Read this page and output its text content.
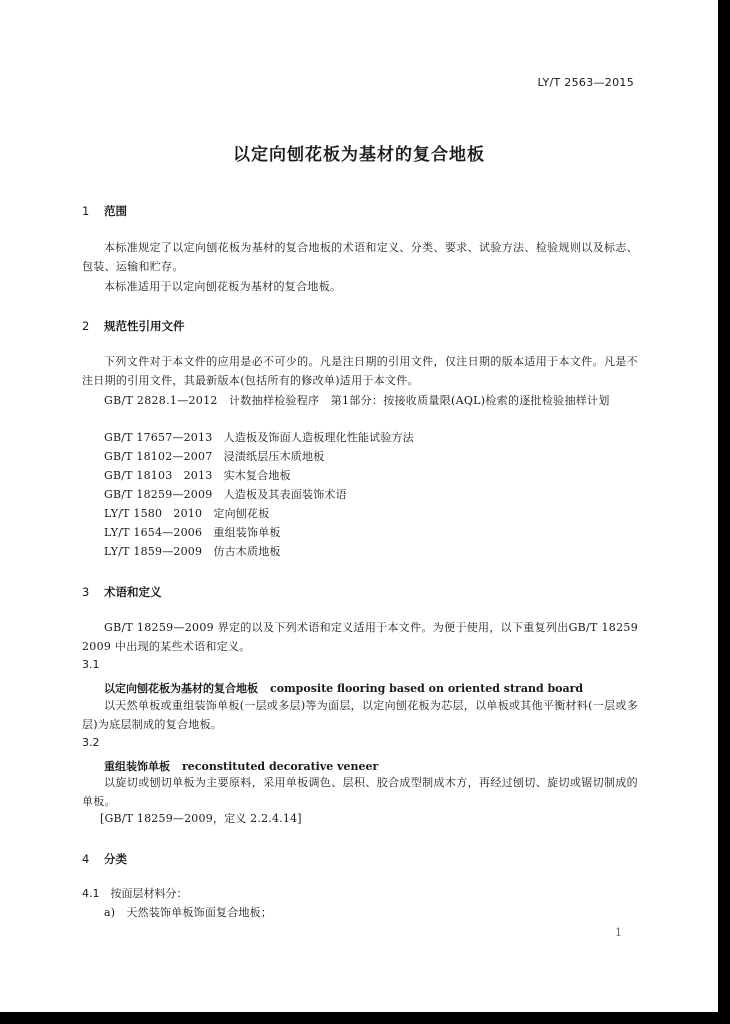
LY/T 2563—2015
以定向刨花板为基材的复合地板
1 范围
本标准规定了以定向刨花板为基材的复合地板的术语和定义、分类、要求、试验方法、检验规则以及标志、包装、运输和贮存。
本标准适用于以定向刨花板为基材的复合地板。
2 规范性引用文件
下列文件对于本文件的应用是必不可少的。凡是注日期的引用文件，仅注日期的版本适用于本文件。凡是不注日期的引用文件，其最新版本(包括所有的修改单)适用于本文件。
GB/T 2828.1—2012　计数抽样检验程序　第1部分：按接收质量限(AQL)检索的逐批检验抽样计划
GB/T 17657—2013　人造板及饰面人造板理化性能试验方法
GB/T 18102—2007　浸渍纸层压木质地板
GB/T 18103　2013　实木复合地板
GB/T 18259—2009　人造板及其表面装饰术语
LY/T 1580　2010　定向刨花板
LY/T 1654—2006　重组装饰单板
LY/T 1859—2009　仿古木质地板
3 术语和定义
GB/T 18259—2009 界定的以及下列术语和定义适用于本文件。为便于使用，以下重复列出GB/T 18259　2009 中出现的某些术语和定义。
3.1
以定向刨花板为基材的复合地板 composite flooring based on oriented strand board
以天然单板或重组装饰单板(一层或多层)等为面层，以定向刨花板为芯层，以单板或其他平衡材料(一层或多层)为底层制成的复合地板。
3.2
重组装饰单板 reconstituted decorative veneer
以旋切或刨切单板为主要原料，采用单板调色、层积、胶合成型制成木方，再经过刨切、旋切或锯切制成的单板。
[GB/T 18259—2009，定义 2.2.4.14]
4 分类
4.1　按面层材料分：
a)　天然装饰单板饰面复合地板；
1
